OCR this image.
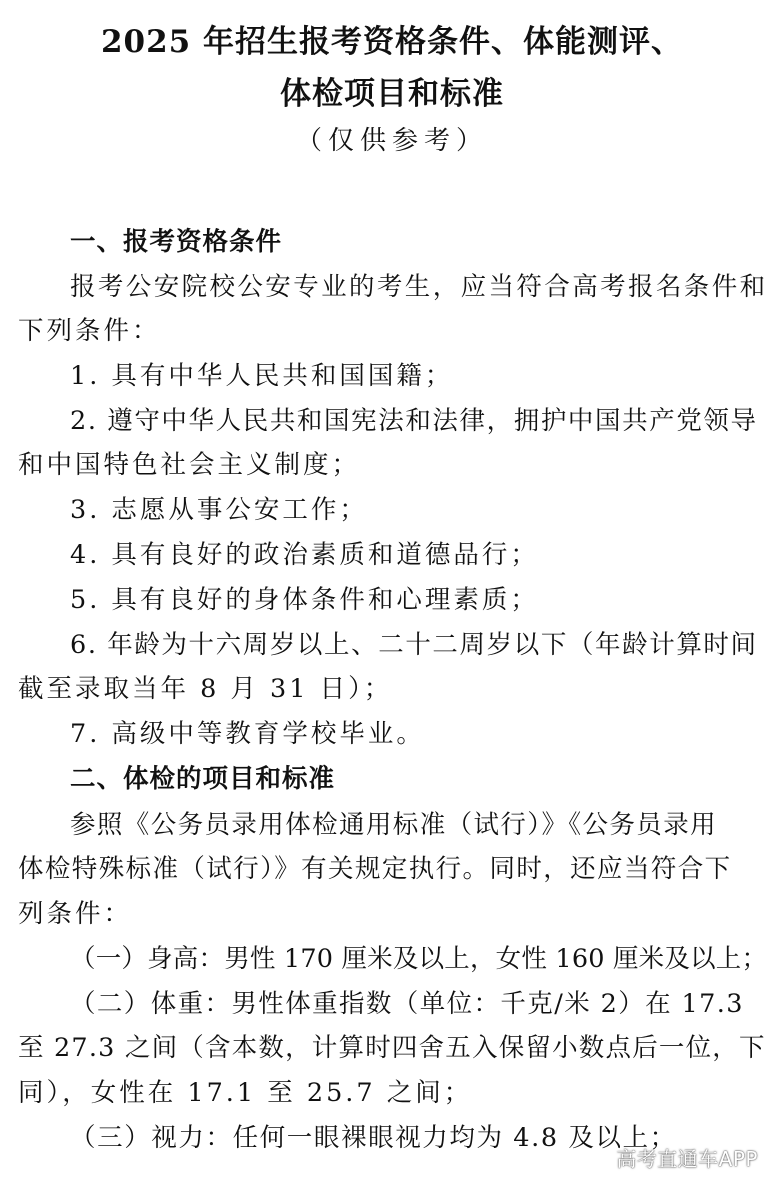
2025 年招生报考资格条件、体能测评、
体检项目和标准
（仅供参考）
一、报考资格条件
报考公安院校公安专业的考生，应当符合高考报名条件和
下列条件：
1. 具有中华人民共和国国籍；
2. 遵守中华人民共和国宪法和法律，拥护中国共产党领导
和中国特色社会主义制度；
3. 志愿从事公安工作；
4. 具有良好的政治素质和道德品行；
5. 具有良好的身体条件和心理素质；
6. 年龄为十六周岁以上、二十二周岁以下（年龄计算时间
截至录取当年 8 月 31 日）；
7. 高级中等教育学校毕业。
二、体检的项目和标准
参照《公务员录用体检通用标准（试行）》《公务员录用
体检特殊标准（试行）》有关规定执行。同时，还应当符合下
列条件：
（一）身高：男性 170 厘米及以上，女性 160 厘米及以上；
（二）体重：男性体重指数（单位：千克/米 2）在 17.3
至 27.3 之间（含本数，计算时四舍五入保留小数点后一位，下
同），女性在 17.1 至 25.7 之间；
（三）视力：任何一眼裸眼视力均为 4.8 及以上；
高考直通车APP
